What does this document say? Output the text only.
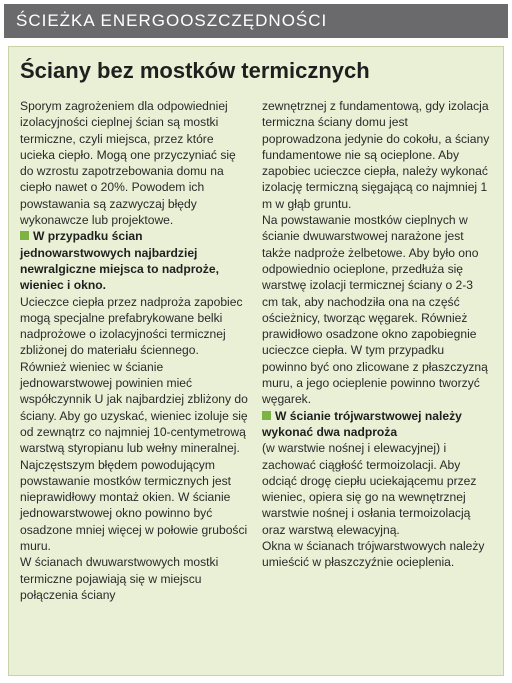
ŚCIEŻKA ENERGOOSZCZĘDNOŚCI
Ściany bez mostków termicznych

Sporym zagrożeniem dla odpowiedniej izolacyjności cieplnej ścian są mostki termiczne, czyli miejsca, przez które ucieka ciepło. Mogą one przyczyniać się do wzrostu zapotrzebowania domu na ciepło nawet o 20%. Powodem ich powstawania są zazwyczaj błędy wykonawcze lub projektowe.

W przypadku ścian jednowarstwowych najbardziej newralgiczne miejsca to nadproże, wieniec i okno.

Ucieczce ciepła przez nadproża zapobiec mogą specjalne prefabrykowane belki nadprożowe o izolacyjności termicznej zbliżonej do materiału ściennego. Również wieniec w ścianie jednowarstwowej powinien mieć współczynnik U jak najbardziej zbliżony do ściany. Aby go uzyskać, wieniec izoluje się od zewnątrz co najmniej 10-centymetrową warstwą styropianu lub wełny mineralnej. Najczęstszym błędem powodującym powstawanie mostków termicznych jest nieprawidłowy montaż okien. W ścianie jednowarstwowej okno powinno być osadzone mniej więcej w połowie grubości muru.

W ścianach dwuwarstwowych mostki termiczne pojawiają się w miejscu połączenia ściany

zewnętrznej z fundamentową, gdy izolacja termiczna ściany domu jest poprowadzona jedynie do cokołu, a ściany fundamentowe nie są ocieplone. Aby zapobiec ucieczce ciepła, należy wykonać izolację termiczną sięgającą co najmniej 1 m w głąb gruntu.

Na powstawanie mostków cieplnych w ścianie dwuwarstwowej narażone jest także nadproże żelbetowe. Aby było ono odpowiednio ocieplone, przedłuża się warstwę izolacji termicznej ściany o 2-3 cm tak, aby nachodziła ona na część ościeżnicy, tworząc węgarek. Również prawidłowo osadzone okno zapobiegnie ucieczce ciepła. W tym przypadku powinno być ono zlicowane z płaszczyzną muru, a jego ocieplenie powinno tworzyć węgarek.

W ścianie trójwarstwowej należy wykonać dwa nadproża

(w warstwie nośnej i elewacyjnej) i zachować ciągłość termoizolacji. Aby odciąć drogę ciepłu uciekającemu przez wieniec, opiera się go na wewnętrznej warstwie nośnej i osłania termoizolacją oraz warstwą elewacyjną.

Okna w ścianach trójwarstwowych należy umieścić w płaszczyźnie ocieplenia.
